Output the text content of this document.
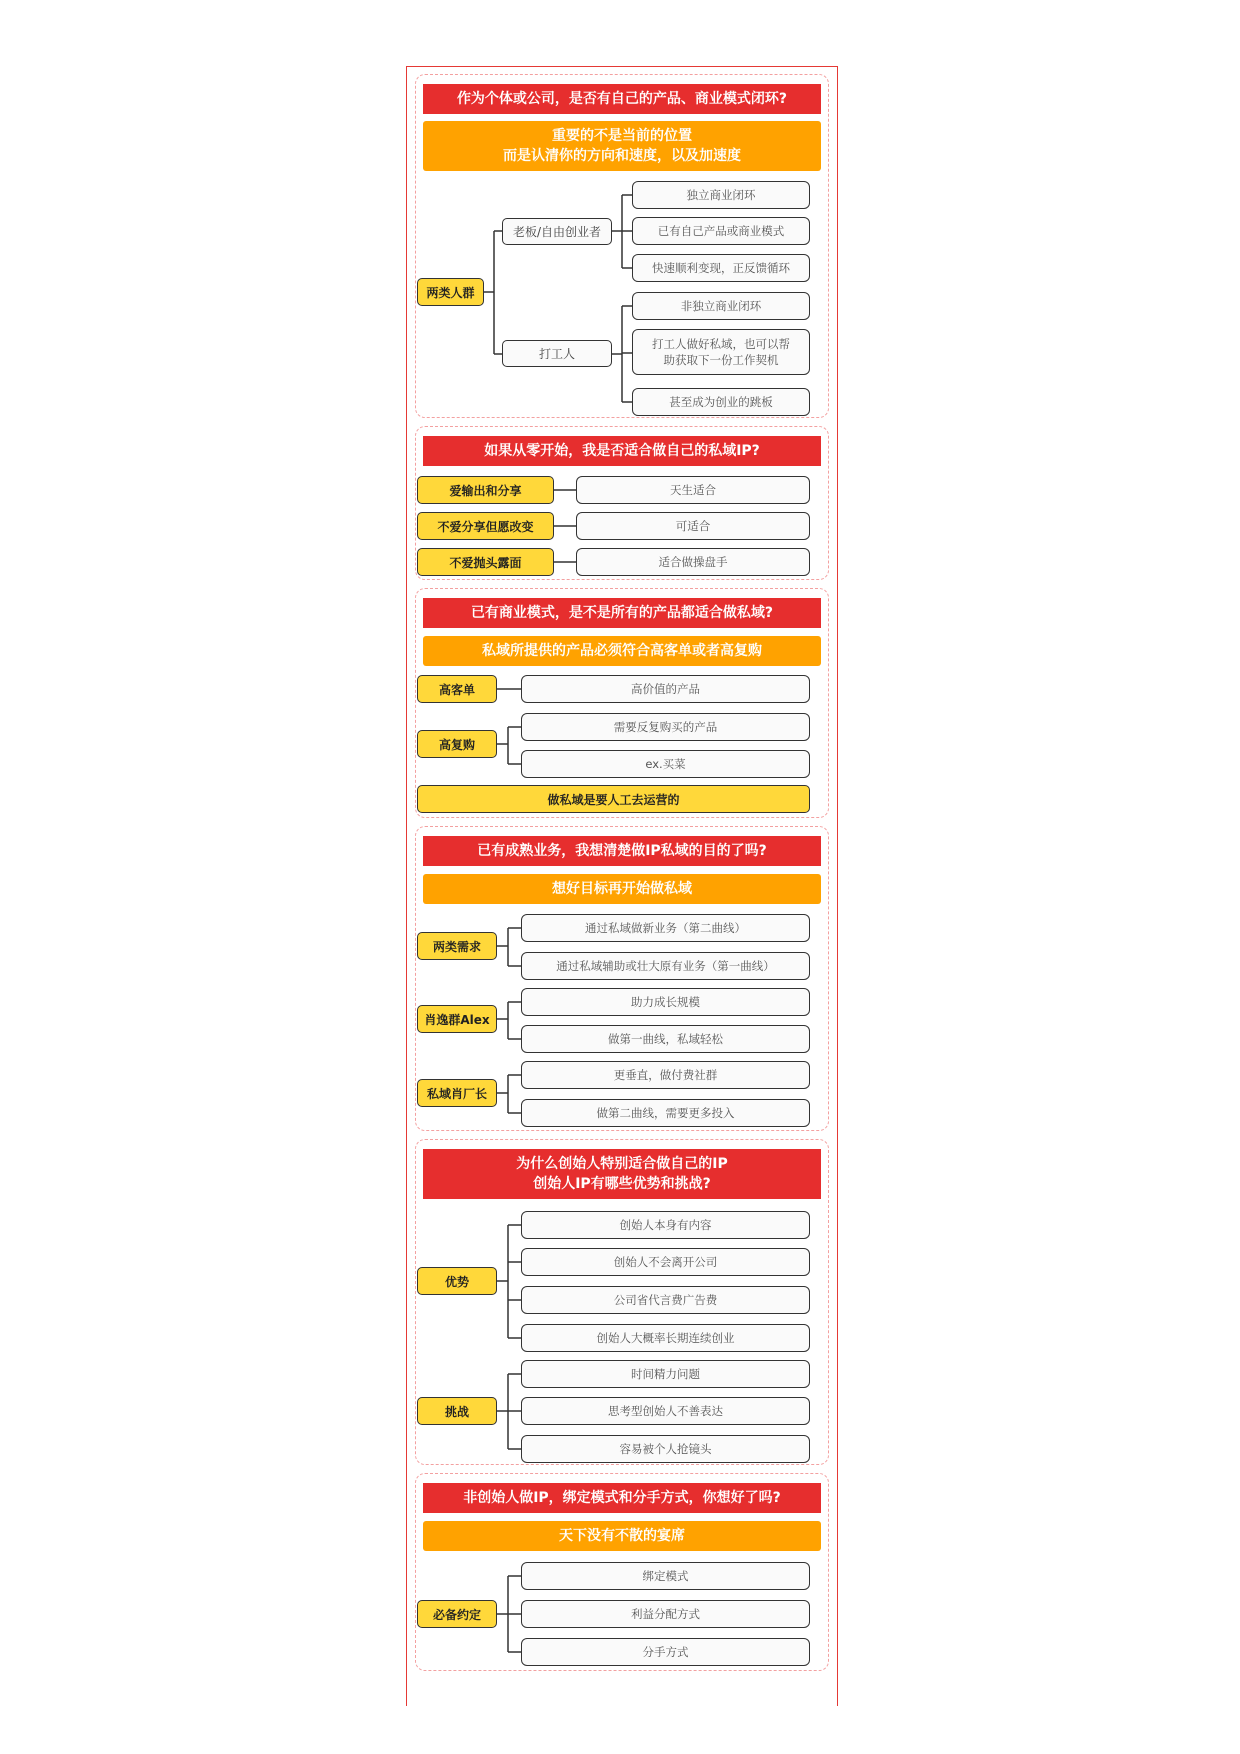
作为个体或公司，是否有自己的产品、商业模式闭环?
重要的不是当前的位置
而是认清你的方向和速度，以及加速度
两类人群
老板/自由创业者
打工人
独立商业闭环
已有自己产品或商业模式
快速顺利变现，正反馈循环
非独立商业闭环
打工人做好私域，也可以帮助获取下一份工作契机
甚至成为创业的跳板
如果从零开始，我是否适合做自己的私域IP?
爱输出和分享
不爱分享但愿改变
不爱抛头露面
天生适合
可适合
适合做操盘手
已有商业模式，是不是所有的产品都适合做私域?
私域所提供的产品必须符合高客单或者高复购
高客单
高复购
高价值的产品
需要反复购买的产品
ex.买菜
做私域是要人工去运营的
已有成熟业务，我想清楚做IP私域的目的了吗?
想好目标再开始做私域
两类需求
肖逸群Alex
私域肖厂长
通过私域做新业务（第二曲线）
通过私域辅助或壮大原有业务（第一曲线）
助力成长规模
做第一曲线，私域轻松
更垂直，做付费社群
做第二曲线，需要更多投入
为什么创始人特别适合做自己的IP
创始人IP有哪些优势和挑战?
优势
挑战
创始人本身有内容
创始人不会离开公司
公司省代言费广告费
创始人大概率长期连续创业
时间精力问题
思考型创始人不善表达
容易被个人抢镜头
非创始人做IP，绑定模式和分手方式，你想好了吗?
天下没有不散的宴席
必备约定
绑定模式
利益分配方式
分手方式
